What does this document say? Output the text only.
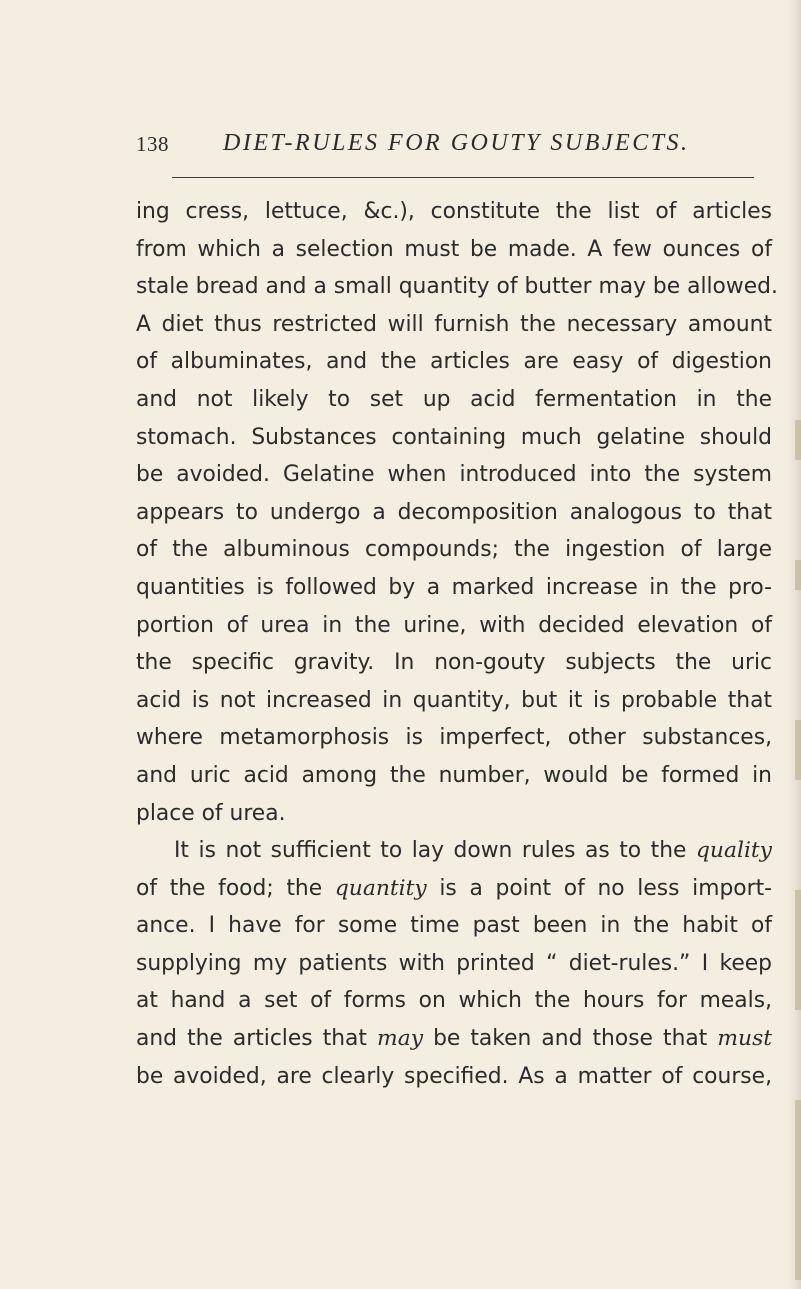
138 DIET-RULES FOR GOUTY SUBJECTS.
ing cress, lettuce, &c.), constitute the list of articles
from which a selection must be made. A few ounces of
stale bread and a small quantity of butter may be allowed.
A diet thus restricted will furnish the necessary amount
of albuminates, and the articles are easy of digestion
and not likely to set up acid fermentation in the
stomach. Substances containing much gelatine should
be avoided. Gelatine when introduced into the system
appears to undergo a decomposition analogous to that
of the albuminous compounds; the ingestion of large
quantities is followed by a marked increase in the pro-
portion of urea in the urine, with decided elevation of
the specific gravity. In non-gouty subjects the uric
acid is not increased in quantity, but it is probable that
where metamorphosis is imperfect, other substances,
and uric acid among the number, would be formed in
place of urea.
It is not sufficient to lay down rules as to the quality
of the food; the quantity is a point of no less import-
ance. I have for some time past been in the habit of
supplying my patients with printed “ diet-rules.” I keep
at hand a set of forms on which the hours for meals,
and the articles that may be taken and those that must
be avoided, are clearly specified. As a matter of course,
